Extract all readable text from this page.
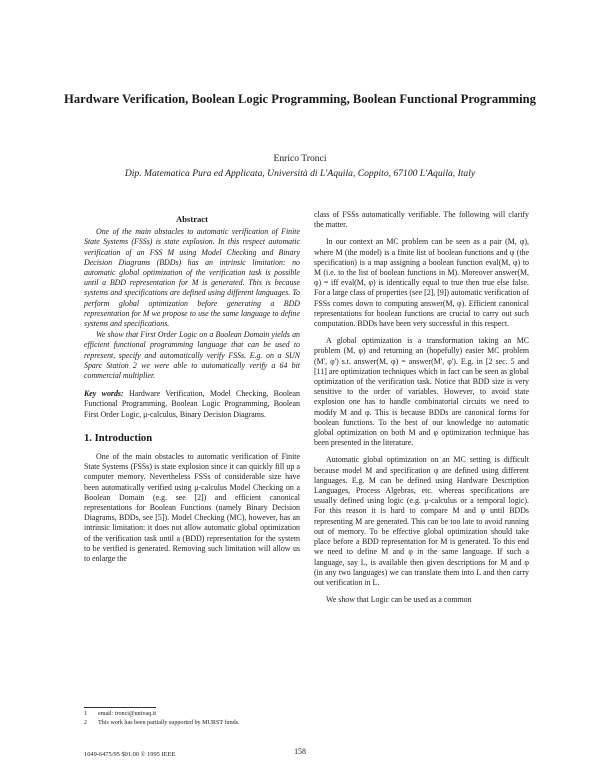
Hardware Verification, Boolean Logic Programming, Boolean Functional Programming
Enrico Tronci
Dip. Matematica Pura ed Applicata, Università di L'Aquila, Coppito, 67100 L'Aquila, Italy
Abstract

One of the main obstacles to automatic verification of Finite State Systems (FSSs) is state explosion. In this respect automatic verification of an FSS M using Model Checking and Binary Decision Diagrams (BDDs) has an intrinsic limitation: no automatic global optimization of the verification task is possible until a BDD representation for M is generated. This is because systems and specifications are defined using different languages. To perform global optimization before generating a BDD representation for M we propose to use the same language to define systems and specifications.

We show that First Order Logic on a Boolean Domain yields an efficient functional programming language that can be used to represent, specify and automatically verify FSSs. E.g. on a SUN Sparc Station 2 we were able to automatically verify a 64 bit commercial multiplier.

Key words: Hardware Verification, Model Checking, Boolean Functional Programming, Boolean Logic Programming, Boolean First Order Logic, μ-calculus, Binary Decision Diagrams.

1. Introduction

One of the main obstacles to automatic verification of Finite State Systems (FSSs) is state explosion since it can quickly fill up a computer memory. Nevertheless FSSs of considerable size have been automatically verified using μ-calculus Model Checking on a Boolean Domain (e.g. see [2]) and efficient canonical representations for Boolean Functions (namely Binary Decision Diagrams, BDDs, see [5]). Model Checking (MC), however, has an intrinsic limitation: it does not allow automatic global optimization of the verification task until a (BDD) representation for the system to be verified is generated. Removing such limitation will allow us to enlarge the

class of FSSs automatically verifiable. The following will clarify the matter.

In our context an MC problem can be seen as a pair (M, φ), where M (the model) is a finite list of boolean functions and φ (the specification) is a map assigning a boolean function eval(M, φ) to M (i.e. to the list of boolean functions in M). Moreover answer(M, φ) = iff eval(M, φ) is identically equal to true then true else false. For a large class of properties (see [2], [9]) automatic verification of FSSs comes down to computing answer(M, φ). Efficient canonical representations for boolean functions are crucial to carry out such computation. BDDs have been very successful in this respect.

A global optimization is a transformation taking an MC problem (M, φ) and returning an (hopefully) easier MC problem (M', φ') s.t. answer(M, φ) = answer(M', φ'). E.g. in [2 sec. 5 and [11] are optimization techniques which in fact can be seen as global optimization of the verification task. Notice that BDD size is very sensitive to the order of variables. However, to avoid state explosion one has to handle combinatorial circuits we need to modify M and φ. This is because BDDs are canonical forms for boolean functions. To the best of our knowledge no automatic global optimization on both M and φ optimization technique has been presented in the literature.

Automatic global optimization on an MC setting is difficult because model M and specification φ are defined using different languages. E.g. M can be defined using Hardware Description Languages, Process Algebras, etc. whereas specifications are usually defined using logic (e.g. μ-calculus or a temporal logic). For this reason it is hard to compare M and φ until BDDs representing M are generated. This can be too late to avoid running out of memory. To be effective global optimization should take place before a BDD representation for M is generated. To this end we need to define M and φ in the same language. If such a language, say L, is available then given descriptions for M and φ (in any two languages) we can translate them into L and then carry out verification in L.

We show that Logic can be used as a common

1	email: tronci@univaq.it
2	This work has been partially supported by MURST funds.
158
1049-6475/95 $01.00 © 1995 IEEE
